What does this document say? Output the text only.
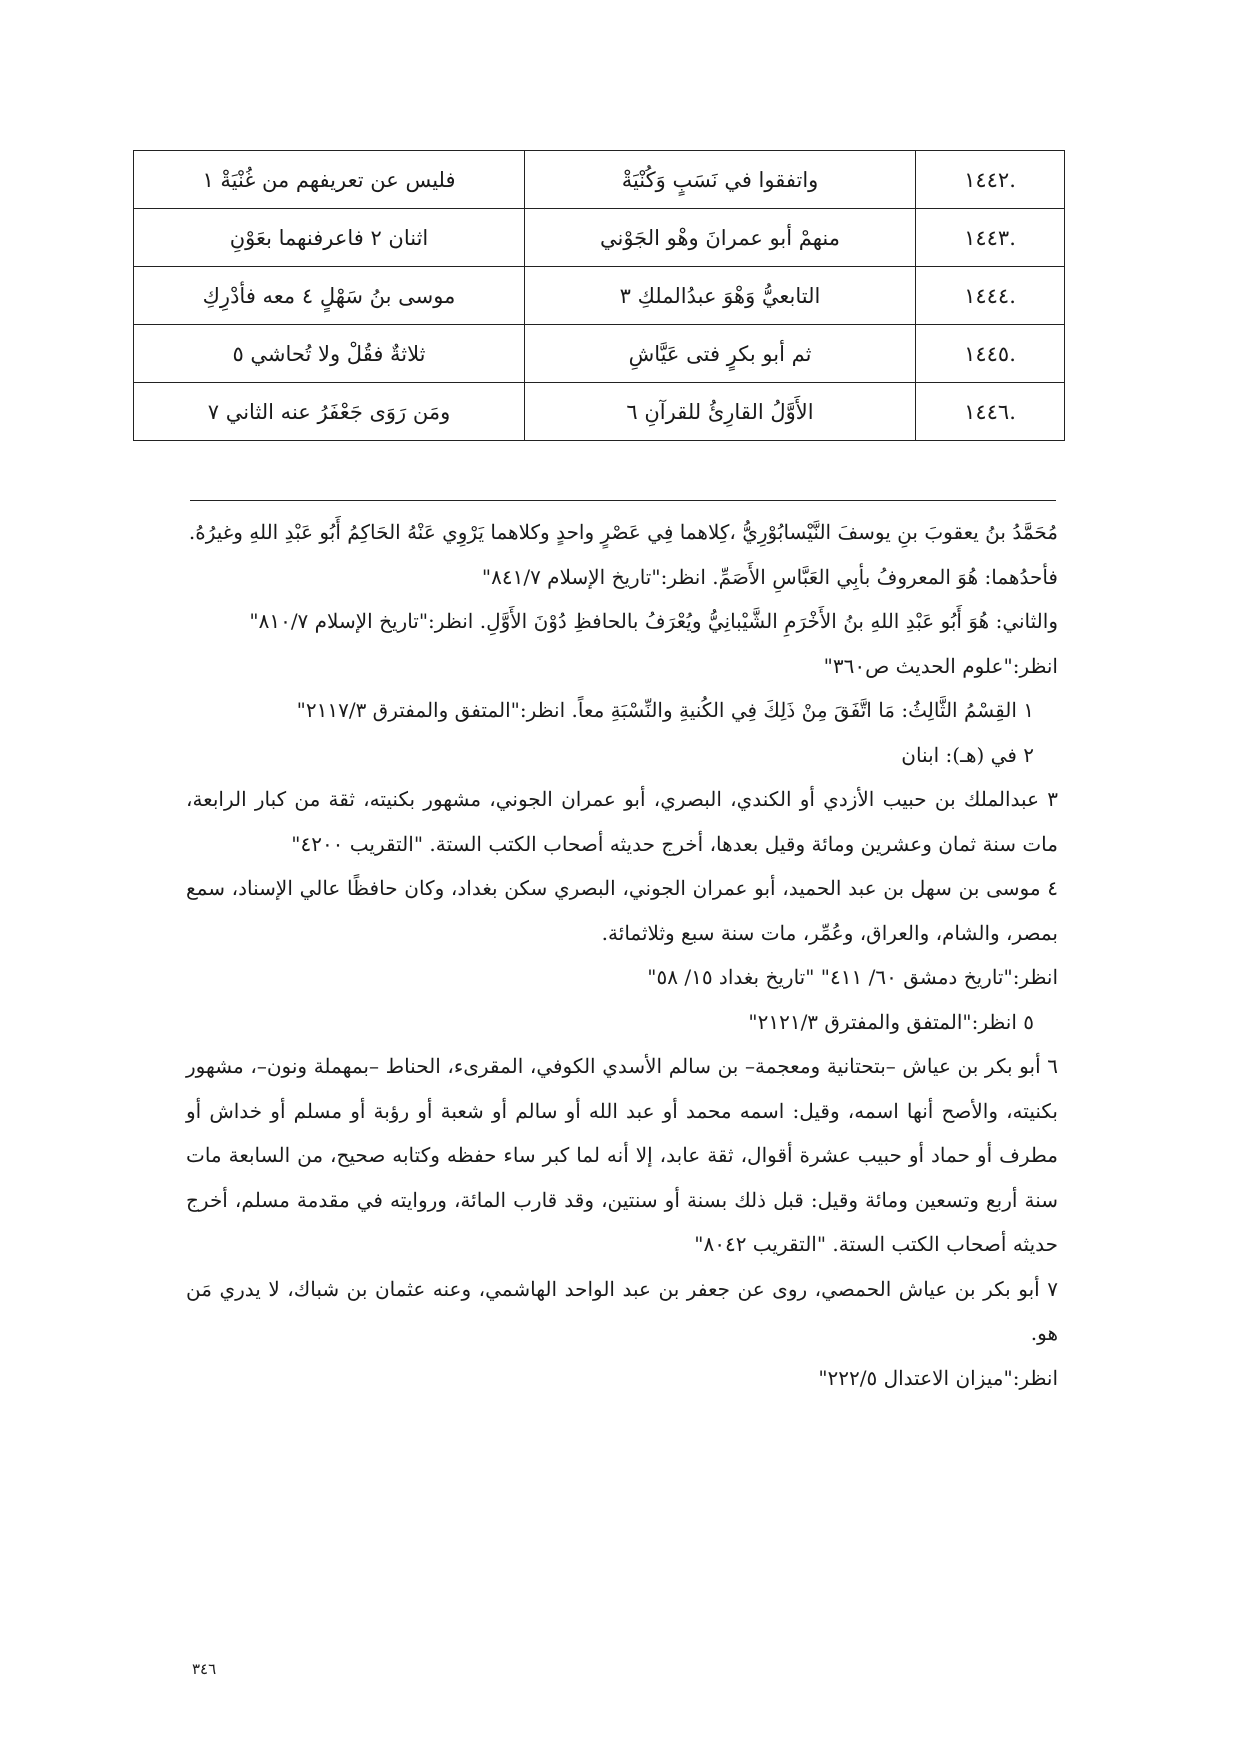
.١٤٤٢	واتفقوا في نَسَبٍ وَكُنْيَةْ	فليس عن تعريفهم من غُنْيَةْ ١
.١٤٤٣	منهمْ أبو عمرانَ وهْو الجَوْني	اثنان ٢ فاعرفنهما بعَوْنِ
.١٤٤٤	التابعيُّ وَهْوَ عبدُالملكِ ٣	موسى بنُ سَهْلٍ ٤ معه فأدْرِكِ
.١٤٤٥	ثم أبو بكرٍ فتى عَيَّاشِ	ثلاثةٌ فقُلْ ولا تُحاشي ٥
.١٤٤٦	الأَوَّلُ القارِئُ للقرآنِ ٦	ومَن رَوَى جَعْفَرُ عنه الثاني ٧

مُحَمَّدُ بنُ يعقوبَ بنِ يوسفَ النَّيْسابُوْرِيُّ ،كِلاهما فِي عَصْرٍ واحدٍ وكلاهما يَرْوِي عَنْهُ الحَاكِمُ أَبُو عَبْدِ اللهِ وغيرُهُ.

فأحدُهما: هُوَ المعروفُ بأبِي العَبَّاسِ الأَصَمِّ. انظر:"تاريخ الإسلام ٨٤١/٧"

والثاني: هُوَ أَبُو عَبْدِ اللهِ بنُ الأَخْرَمِ الشَّيْبانِيُّ ويُعْرَفُ بالحافظِ دُوْنَ الأَوَّلِ. انظر:"تاريخ الإسلام ٨١٠/٧"

انظر:"علوم الحديث ص٣٦٠"

١ القِسْمُ الثَّالِثُ: مَا اتَّفَقَ مِنْ ذَلِكَ فِي الكُنيةِ والنِّسْبَةِ معاً. انظر:"المتفق والمفترق ٢١١٧/٣"

٢ في (هـ): ابنان

٣ عبدالملك بن حبيب الأزدي أو الكندي، البصري، أبو عمران الجوني، مشهور بكنيته، ثقة من كبار الرابعة، مات سنة ثمان وعشرين ومائة وقيل بعدها، أخرج حديثه أصحاب الكتب الستة. "التقريب ٤٢٠٠"

٤ موسى بن سهل بن عبد الحميد، أبو عمران الجوني، البصري سكن بغداد، وكان حافظًا عالي الإسناد، سمع بمصر، والشام، والعراق، وعُمِّر، مات سنة سبع وثلاثمائة.

انظر:"تاريخ دمشق ٦٠/ ٤١١" "تاريخ بغداد ١٥/ ٥٨"

٥ انظر:"المتفق والمفترق ٢١٢١/٣"

٦ أبو بكر بن عياش –بتحتانية ومعجمة– بن سالم الأسدي الكوفي، المقرىء، الحناط –بمهملة ونون–، مشهور بكنيته، والأصح أنها اسمه، وقيل: اسمه محمد أو عبد الله أو سالم أو شعبة أو رؤبة أو مسلم أو خداش أو مطرف أو حماد أو حبيب عشرة أقوال، ثقة عابد، إلا أنه لما كبر ساء حفظه وكتابه صحيح، من السابعة مات سنة أربع وتسعين ومائة وقيل: قبل ذلك بسنة أو سنتين، وقد قارب المائة، وروايته في مقدمة مسلم، أخرج حديثه أصحاب الكتب الستة. "التقريب ٨٠٤٢"

٧ أبو بكر بن عياش الحمصي، روى عن جعفر بن عبد الواحد الهاشمي، وعنه عثمان بن شباك، لا يدري مَن هو.

انظر:"ميزان الاعتدال ٢٢٢/٥"

٣٤٦
